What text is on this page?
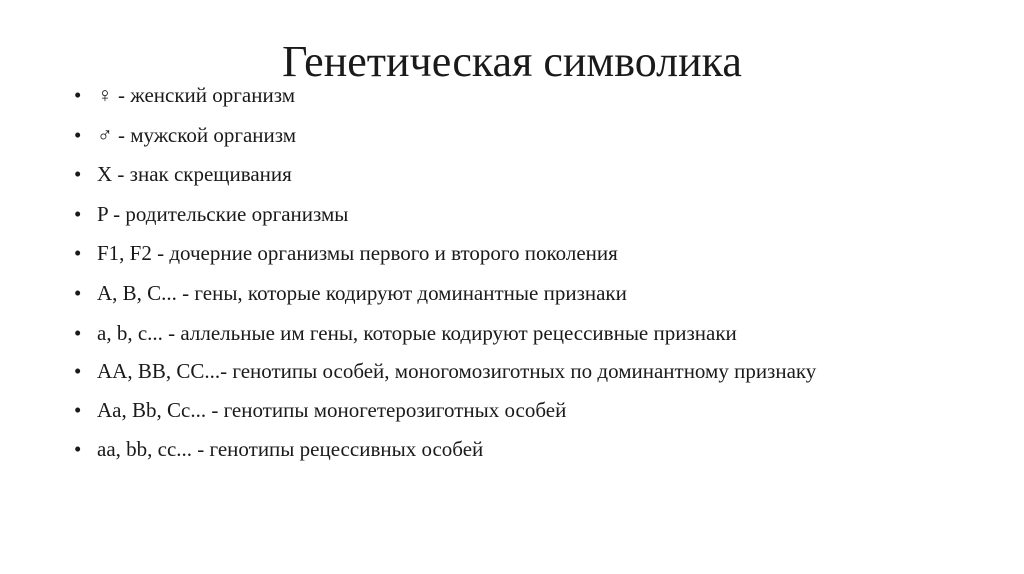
Генетическая символика
• ♀ - женский организм
• ♂ - мужской организм
• X - знак скрещивания
• P - родительские организмы
• F1, F2 - дочерние организмы первого и второго поколения
• A, B, C... - гены, которые кодируют доминантные признаки
• a, b, c... - аллельные им гены, которые кодируют рецессивные признаки
• AA, BB, CC...- генотипы особей, моногомозиготных по доминантному признаку
• Aa, Bb, Cc... - генотипы моногетерозиготных особей
• aa, bb, cc... - генотипы рецессивных особей
